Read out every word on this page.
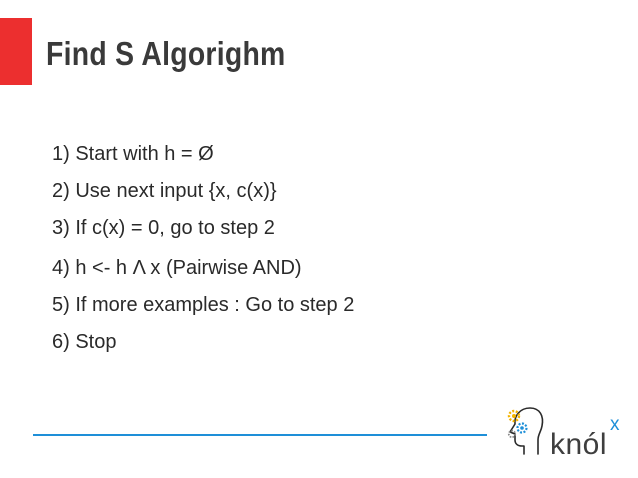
Find S Algorighm
1) Start with h = Ø
2) Use next input {x, c(x)}
3) If c(x) = 0, go to step 2
4) h <- h Λ x (Pairwise AND)
5) If more examples : Go to step 2
6) Stop
knól
x
